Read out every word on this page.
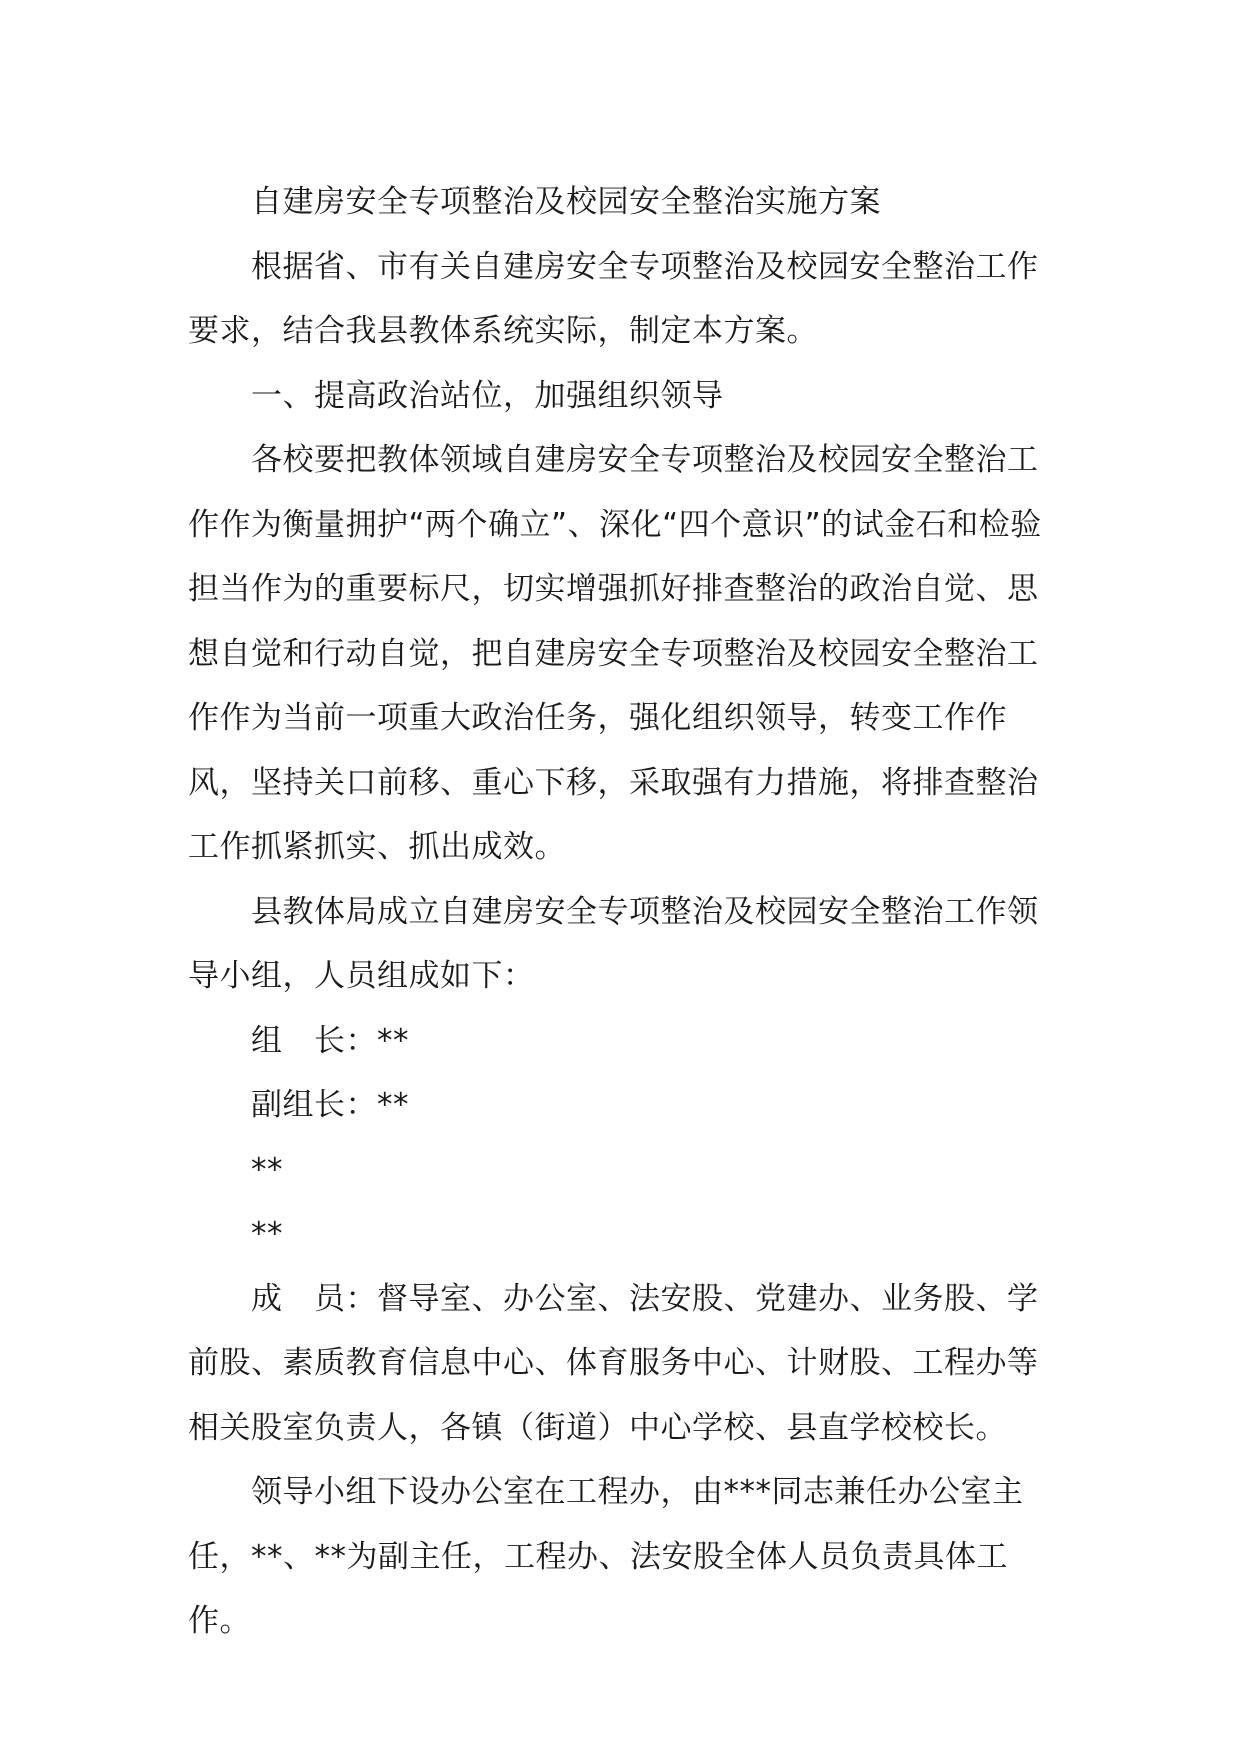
自建房安全专项整治及校园安全整治实施方案

根据省、市有关自建房安全专项整治及校园安全整治工作要求，结合我县教体系统实际，制定本方案。

一、提高政治站位，加强组织领导

各校要把教体领域自建房安全专项整治及校园安全整治工作作为衡量拥护“两个确立”、深化“四个意识”的试金石和检验担当作为的重要标尺，切实增强抓好排查整治的政治自觉、思想自觉和行动自觉，把自建房安全专项整治及校园安全整治工作作为当前一项重大政治任务，强化组织领导，转变工作作风，坚持关口前移、重心下移，采取强有力措施，将排查整治工作抓紧抓实、抓出成效。

县教体局成立自建房安全专项整治及校园安全整治工作领导小组，人员组成如下：

组　长：**

副组长：**

**

**

成　员：督导室、办公室、法安股、党建办、业务股、学前股、素质教育信息中心、体育服务中心、计财股、工程办等相关股室负责人，各镇（街道）中心学校、县直学校校长。

领导小组下设办公室在工程办，由***同志兼任办公室主任，**、**为副主任，工程办、法安股全体人员负责具体工作。
